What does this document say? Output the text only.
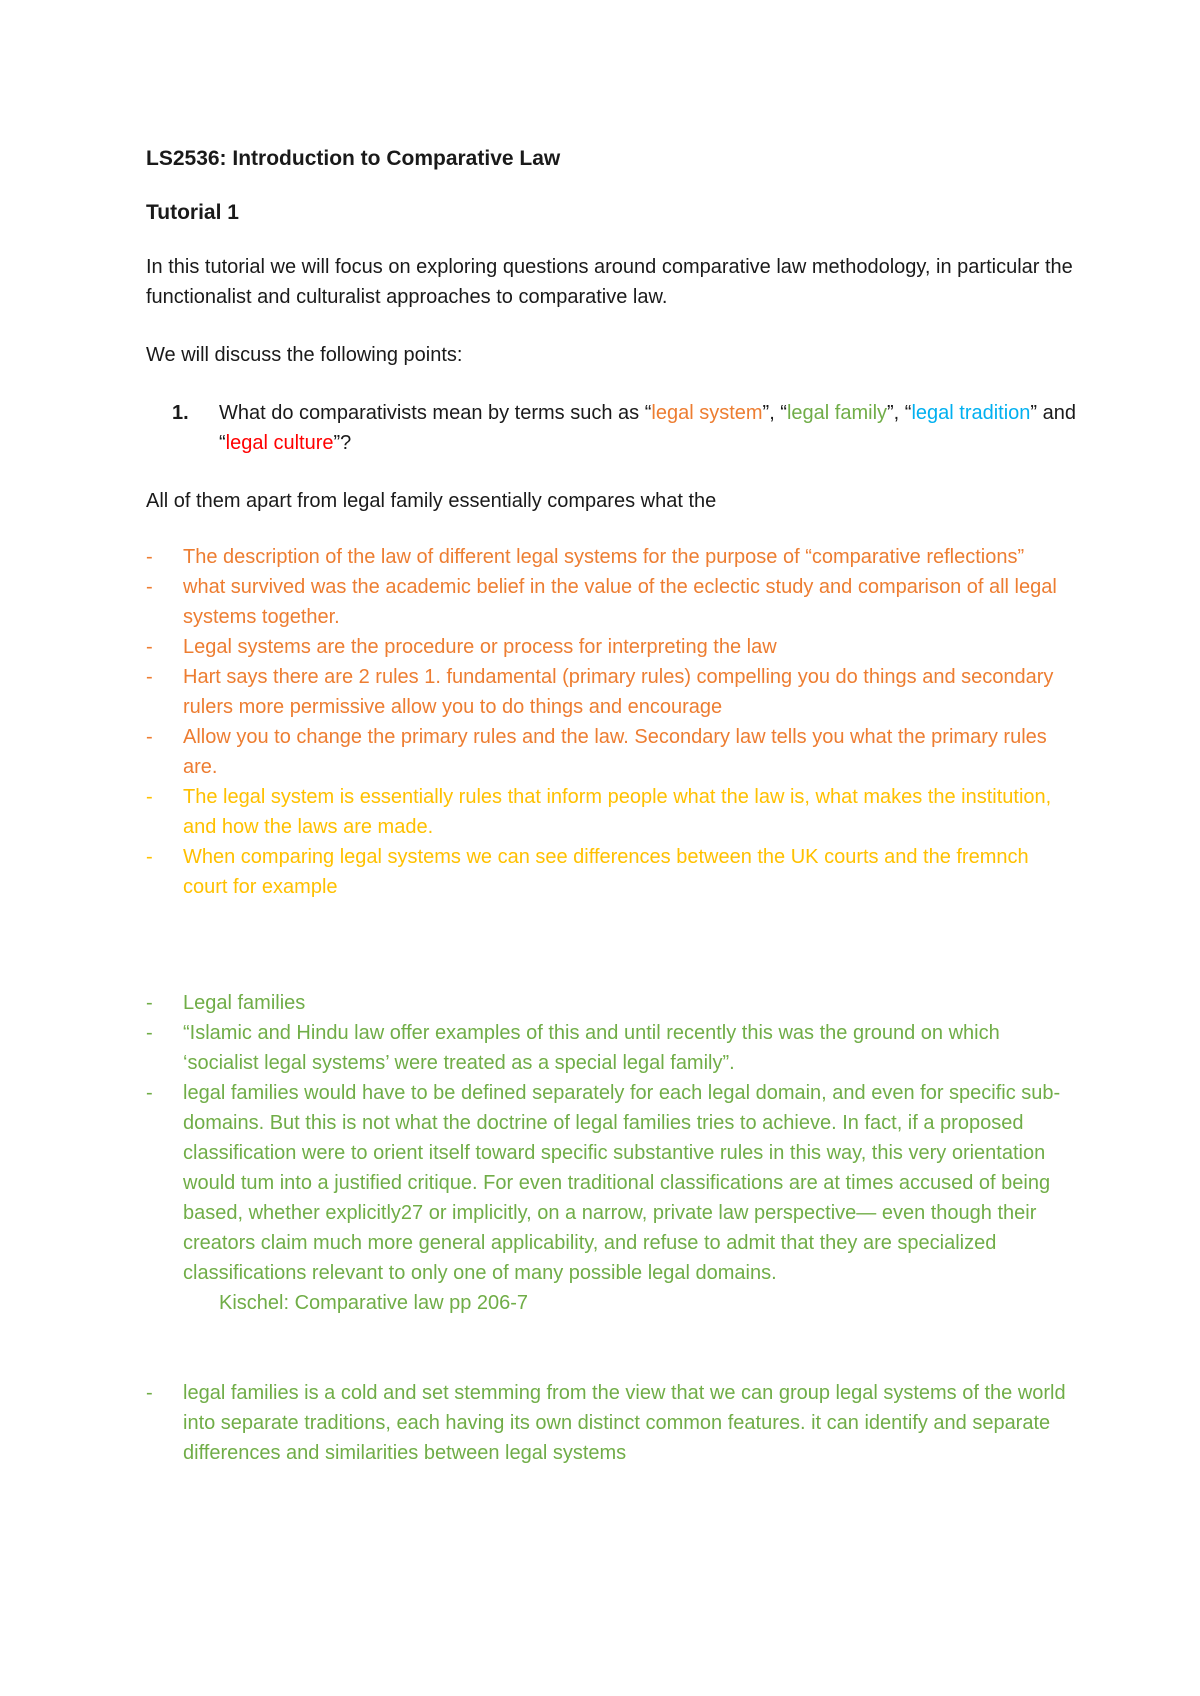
LS2536: Introduction to Comparative Law

Tutorial 1

In this tutorial we will focus on exploring questions around comparative law methodology, in particular the functionalist and culturalist approaches to comparative law.

We will discuss the following points:

1. What do comparativists mean by terms such as “legal system”, “legal family”, “legal tradition” and “legal culture”?

All of them apart from legal family essentially compares what the

- The description of the law of different legal systems for the purpose of “comparative reflections”
- what survived was the academic belief in the value of the eclectic study and comparison of all legal systems together.
- Legal systems are the procedure or process for interpreting the law
- Hart says there are 2 rules 1. fundamental (primary rules) compelling you do things and secondary rulers more permissive allow you to do things and encourage
- Allow you to change the primary rules and the law. Secondary law tells you what the primary rules are.
- The legal system is essentially rules that inform people what the law is, what makes the institution, and how the laws are made.
- When comparing legal systems we can see differences between the UK courts and the fremnch court for example
- Legal families
- “Islamic and Hindu law offer examples of this and until recently this was the ground on which ‘socialist legal systems’ were treated as a special legal family”.
- legal families would have to be defined separately for each legal domain, and even for specific sub- domains. But this is not what the doctrine of legal families tries to achieve. In fact, if a proposed classification were to orient itself toward specific substantive rules in this way, this very orientation would tum into a justified critique. For even traditional classifications are at times accused of being based, whether explicitly27 or implicitly, on a narrow, private law perspective— even though their creators claim much more general applicability, and refuse to admit that they are specialized classifications relevant to only one of many possible legal domains.

Kischel: Comparative law pp 206-7

- legal families is a cold and set stemming from the view that we can group legal systems of the world into separate traditions, each having its own distinct common features. it can identify and separate differences and similarities between legal systems
